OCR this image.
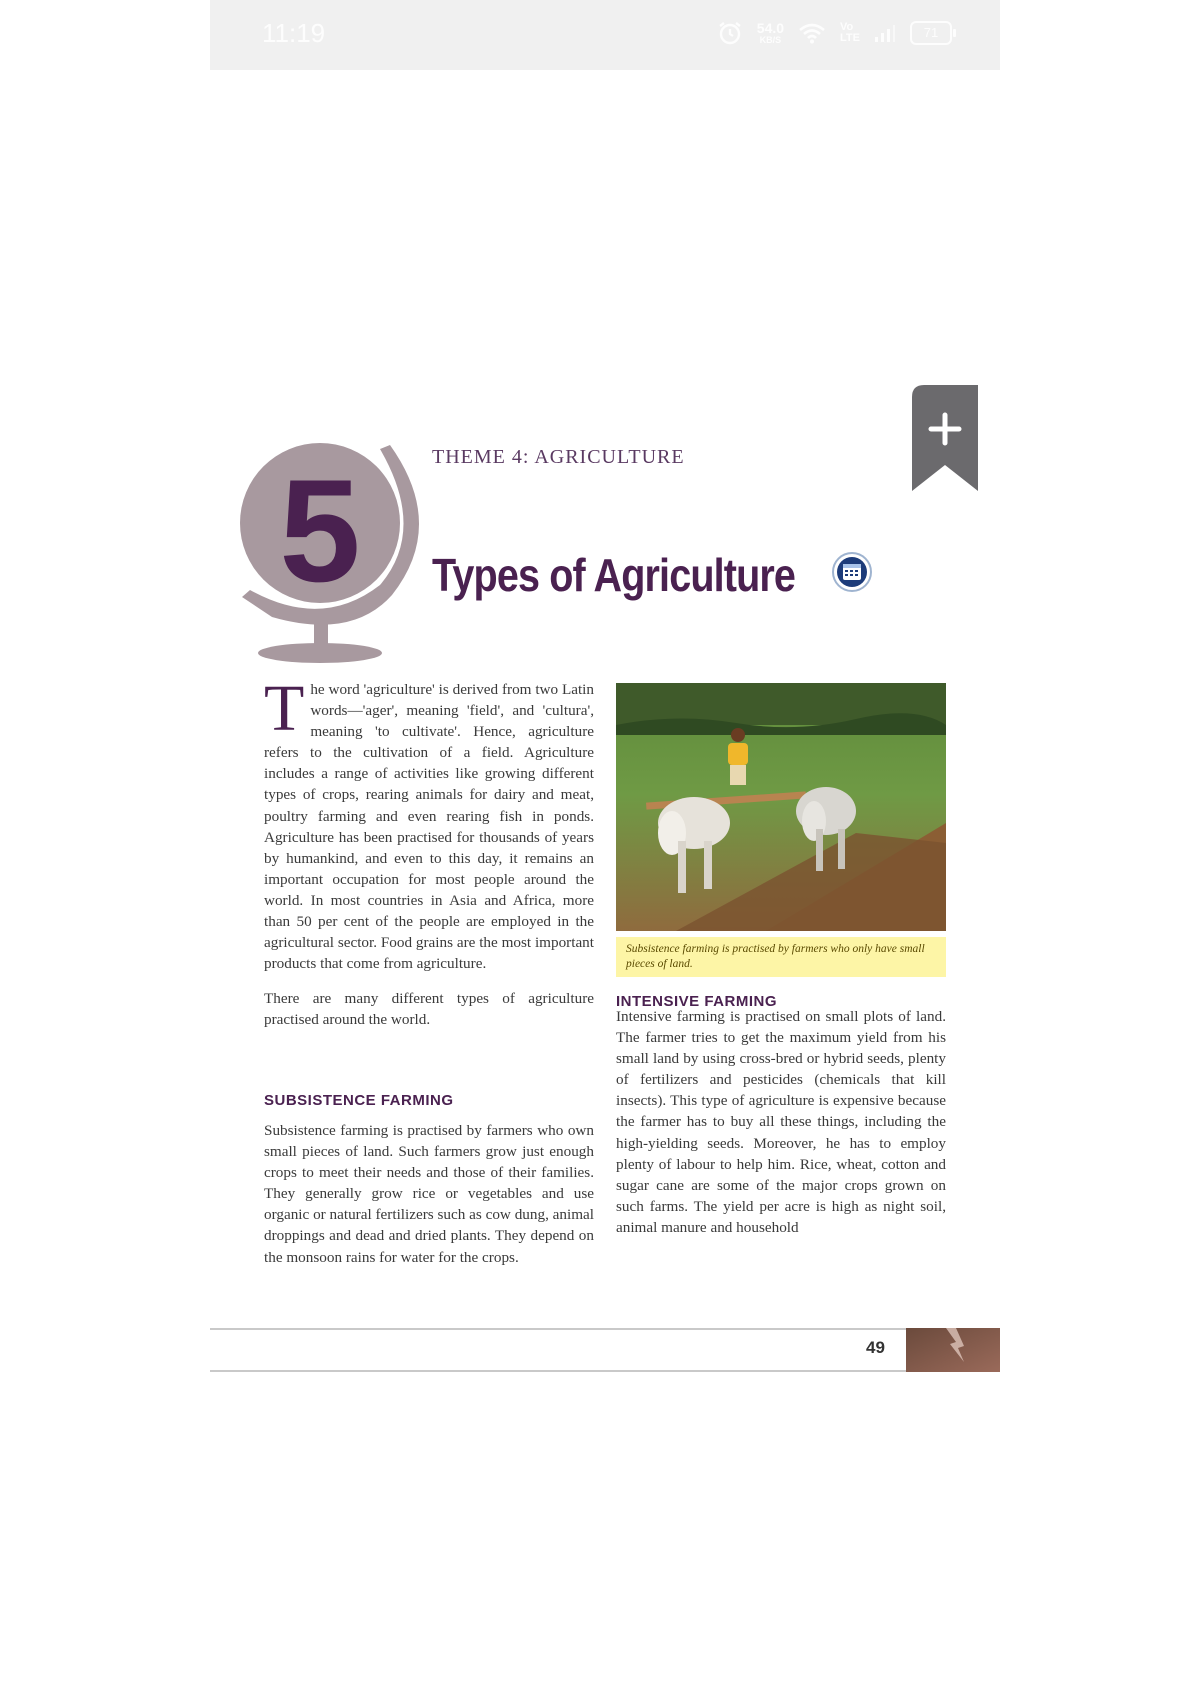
11:19	54.0
KB/S
Vo
LTE	71
5	THEME 4: AGRICULTURE
Types of Agriculture

T he word 'agriculture' is derived from two Latin words—'ager', meaning 'field', and 'cultura', meaning 'to cultivate'. Hence, agriculture refers to the cultivation of a field. Agriculture includes a range of activities like growing different types of crops, rearing animals for dairy and meat, poultry farming and even rearing fish in ponds. Agriculture has been practised for thousands of years by humankind, and even to this day, it remains an important occupation for most people around the world. In most countries in Asia and Africa, more than 50 per cent of the people are employed in the agricultural sector. Food grains are the most important products that come from agriculture.

There are many different types of agriculture practised around the world.

SUBSISTENCE FARMING
Subsistence farming is practised by farmers who own small pieces of land. Such farmers grow just enough crops to meet their needs and those of their families. They generally grow rice or vegetables and use organic or natural fertilizers such as cow dung, animal droppings and dead and dried plants. They depend on the monsoon rains for water for the crops.
Subsistence farming is practised by farmers who only have small pieces of land.
INTENSIVE FARMING
Intensive farming is practised on small plots of land. The farmer tries to get the maximum yield from his small land by using cross-bred or hybrid seeds, plenty of fertilizers and pesticides (chemicals that kill insects). This type of agriculture is expensive because the farmer has to buy all these things, including the high-yielding seeds. Moreover, he has to employ plenty of labour to help him. Rice, wheat, cotton and sugar cane are some of the major crops grown on such farms. The yield per acre is high as night soil, animal manure and household
49
